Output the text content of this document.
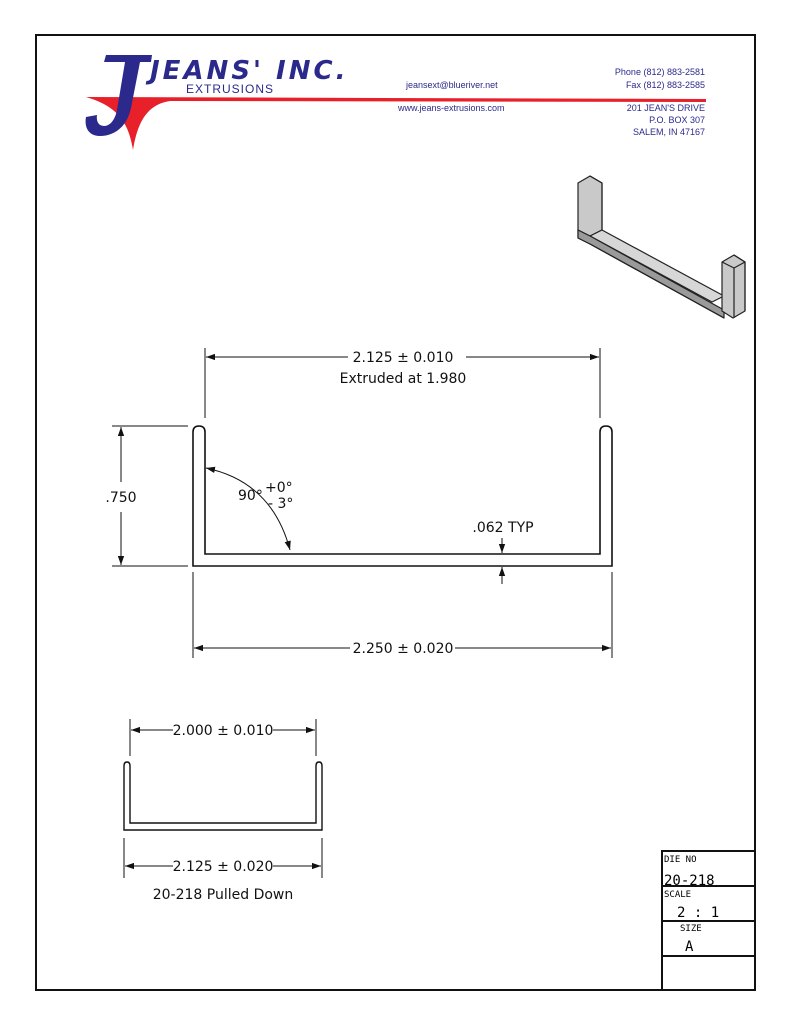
JEANS' INC.
EXTRUSIONS	jeansext@blueriver.net
www.jeans-extrusions.com
Phone (812) 883-2581
Fax (812) 883-2585
201 JEAN'S DRIVE
P.O. BOX 307
SALEM, IN 47167
2.125 ± 0.010
Extruded at 1.980
.750	90° +0°
- 3°
.062 TYP
2.250 ± 0.020
2.000 ± 0.010
2.125 ± 0.020
20-218 Pulled Down
DIE NO
20-218
SCALE
2 : 1
SIZE
A
